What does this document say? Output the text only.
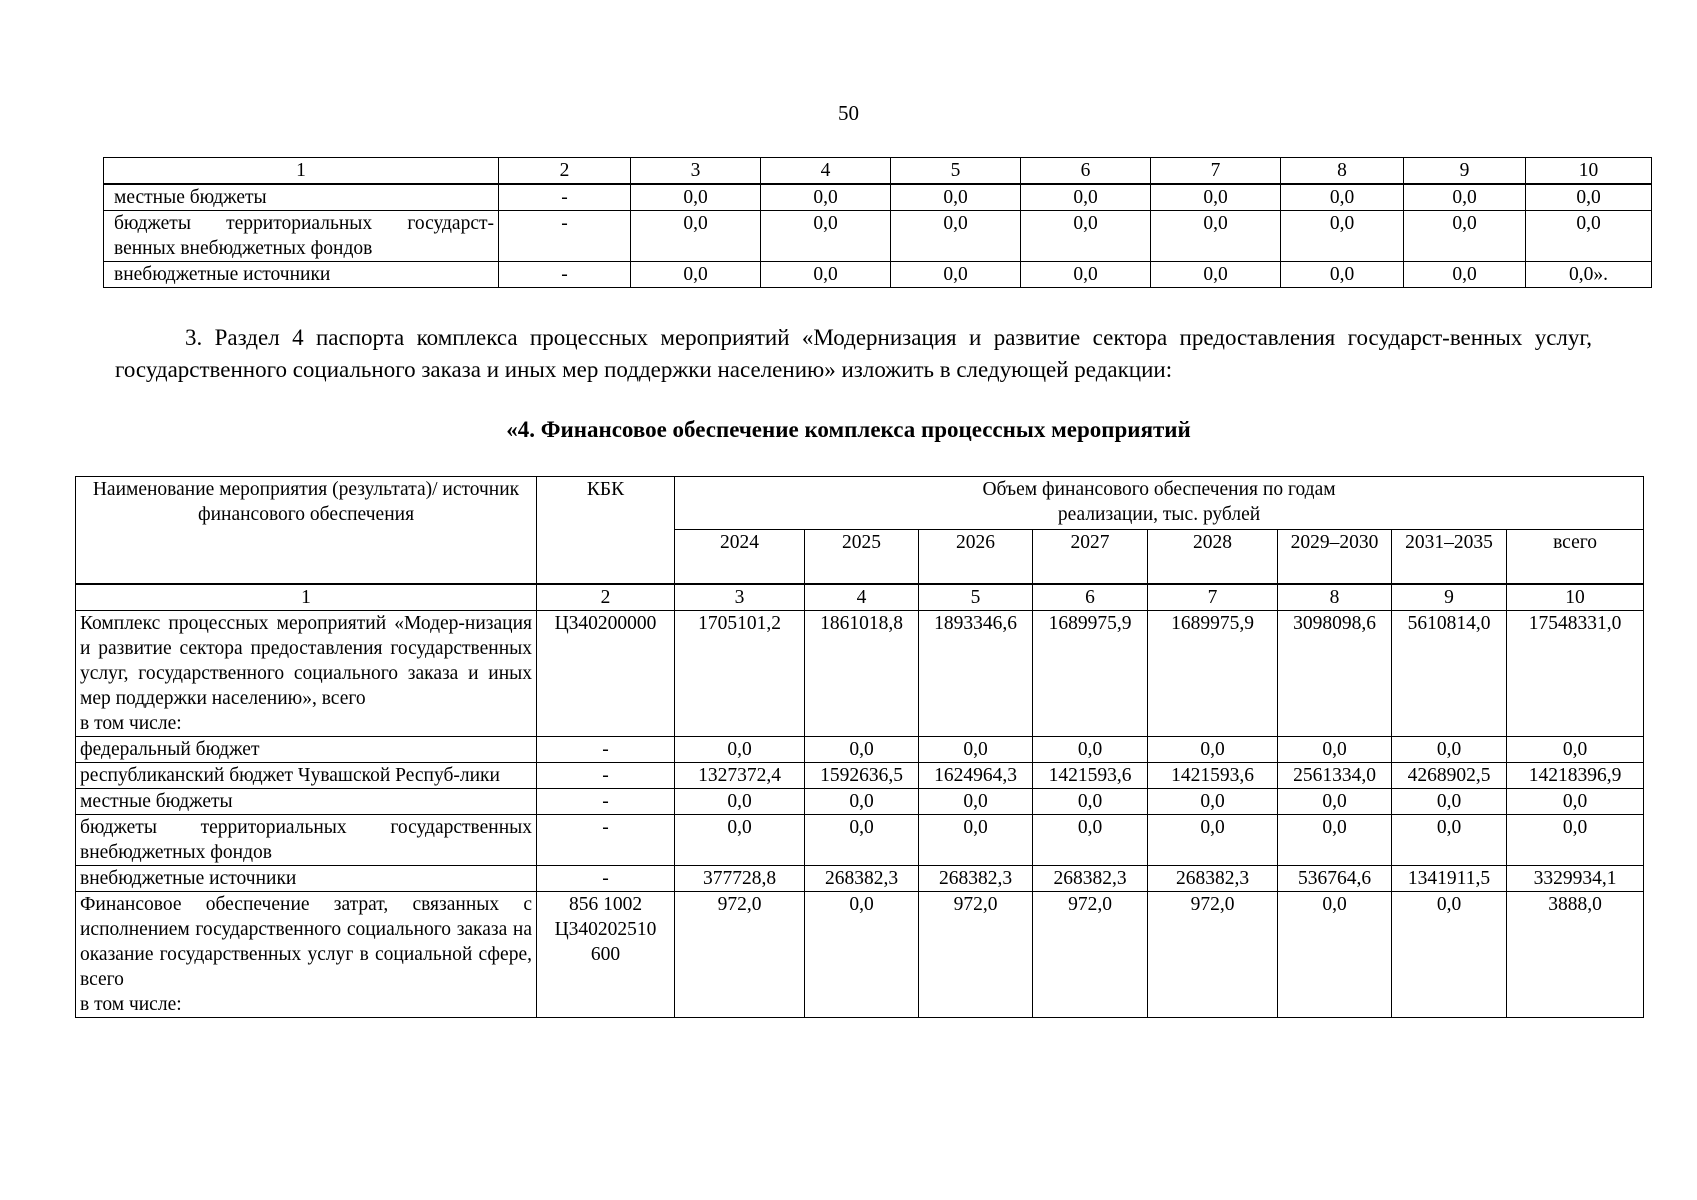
50
1	2	3	4	5	6	7	8	9	10
местные бюджеты	-	0,0	0,0	0,0	0,0	0,0	0,0	0,0	0,0
бюджеты территориальных государст-венных внебюджетных фондов	-	0,0	0,0	0,0	0,0	0,0	0,0	0,0	0,0
внебюджетные источники	-	0,0	0,0	0,0	0,0	0,0	0,0	0,0	0,0».
3. Раздел 4 паспорта комплекса процессных мероприятий «Модернизация и развитие сектора предоставления государст-венных услуг, государственного социального заказа и иных мер поддержки населению» изложить в следующей редакции:
«4. Финансовое обеспечение комплекса процессных мероприятий
Наименование мероприятия (результата)/ источник финансового обеспечения	КБК	Объем финансового обеспечения по годам реализации, тыс. рублей							

		2024	2025	2026	2027	2028	2029–2030	2031–2035	всего
1	2	3	4	5	6	7	8	9	10

Комплекс процессных мероприятий «Модер-низация и развитие сектора предоставления государственных услуг, государственного социального заказа и иных мер поддержки населению», всего
в том числе:	Ц340200000	1705101,2	1861018,8	1893346,6	1689975,9	1689975,9	3098098,6	5610814,0	17548331,0

федеральный бюджет	-	0,0	0,0	0,0	0,0	0,0	0,0	0,0	0,0

республиканский бюджет Чувашской Респуб-лики	-	1327372,4	1592636,5	1624964,3	1421593,6	1421593,6	2561334,0	4268902,5	14218396,9

местные бюджеты	-	0,0	0,0	0,0	0,0	0,0	0,0	0,0	0,0

бюджеты территориальных государственных внебюджетных фондов	-	0,0	0,0	0,0	0,0	0,0	0,0	0,0	0,0

внебюджетные источники	-	377728,8	268382,3	268382,3	268382,3	268382,3	536764,6	1341911,5	3329934,1

Финансовое обеспечение затрат, связанных с исполнением государственного социального заказа на оказание государственных услуг в социальной сфере, всего
в том числе:	856 1002 Ц340202510 600	972,0	0,0	972,0	972,0	972,0	0,0	0,0	3888,0
